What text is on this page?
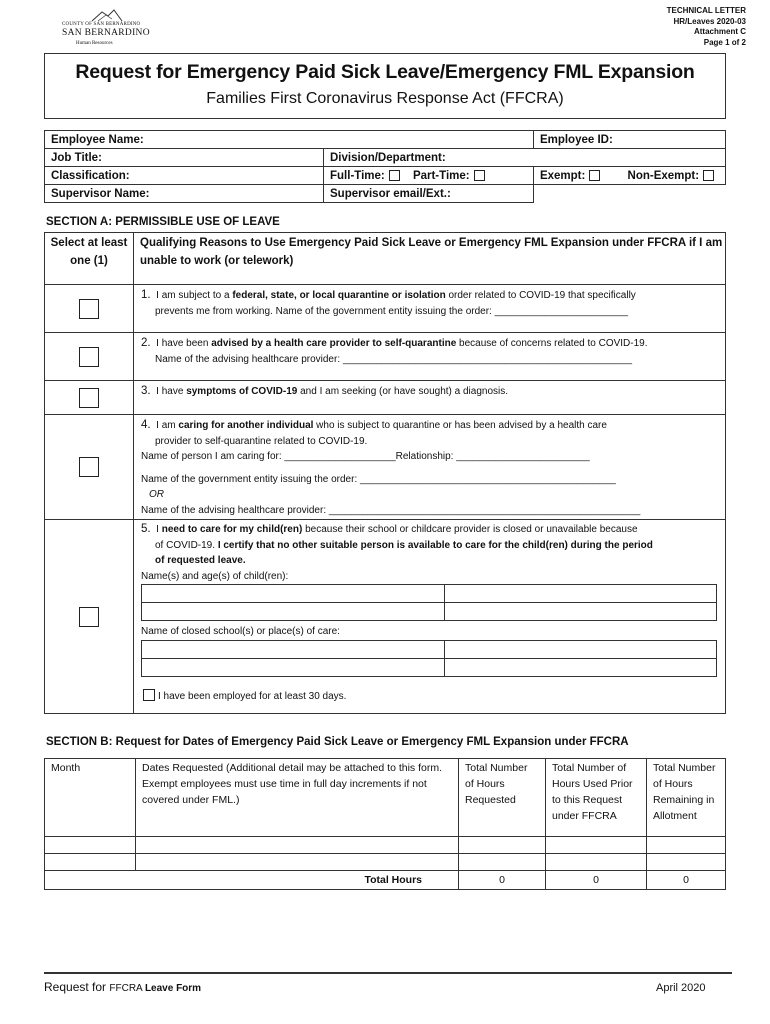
COUNTY OF SAN BERNARDINO
SAN BERNARDINO
Human Resources
TECHNICAL LETTER
HR/Leaves 2020-03
Attachment C
Page 1 of 2
Request for Emergency Paid Sick Leave/Emergency FML Expansion
Families First Coronavirus Response Act (FFCRA)
Employee Name:		Employee ID:
Job Title:	Division/Department:	
Classification:	Full-Time: Part-Time:	Exempt: Non-Exempt:
Supervisor Name:	Supervisor email/Ext.:	
SECTION A: PERMISSIBLE USE OF LEAVE
Select at least one (1)	Qualifying Reasons to Use Emergency Paid Sick Leave or Emergency FML Expansion under FFCRA if I am unable to work (or telework)

1. I am subject to a federal, state, or local quarantine or isolation order related to COVID-19 that specifically
prevents me from working. Name of the government entity issuing the order: ________________________

2. I have been advised by a health care provider to self-quarantine because of concerns related to COVID-19.
Name of the advising healthcare provider: ____________________________________________________

3. I have symptoms of COVID-19 and I am seeking (or have sought) a diagnosis.

4. I am caring for another individual who is subject to quarantine or has been advised by a health care
provider to self-quarantine related to COVID-19.
Name of person I am caring for: ____________________Relationship: ________________________
Name of the government entity issuing the order: ______________________________________________
OR
Name of the advising healthcare provider: ________________________________________________________

5. I need to care for my child(ren) because their school or childcare provider is closed or unavailable because
of COVID-19. I certify that no other suitable person is available to care for the child(ren) during the period
of requested leave.
Name(s) and age(s) of child(ren):

Name of closed school(s) or place(s) of care:

I have been employed for at least 30 days.
SECTION B: Request for Dates of Emergency Paid Sick Leave or Emergency FML Expansion under FFCRA
Month	Dates Requested (Additional detail may be attached to this form. Exempt employees must use time in full day increments if not covered under FML.)	Total Number of Hours Requested	Total Number of Hours Used Prior to this Request under FFCRA	Total Number of Hours Remaining in Allotment

Total Hours		0	0	0
Request for FFCRA Leave Form	April 2020
